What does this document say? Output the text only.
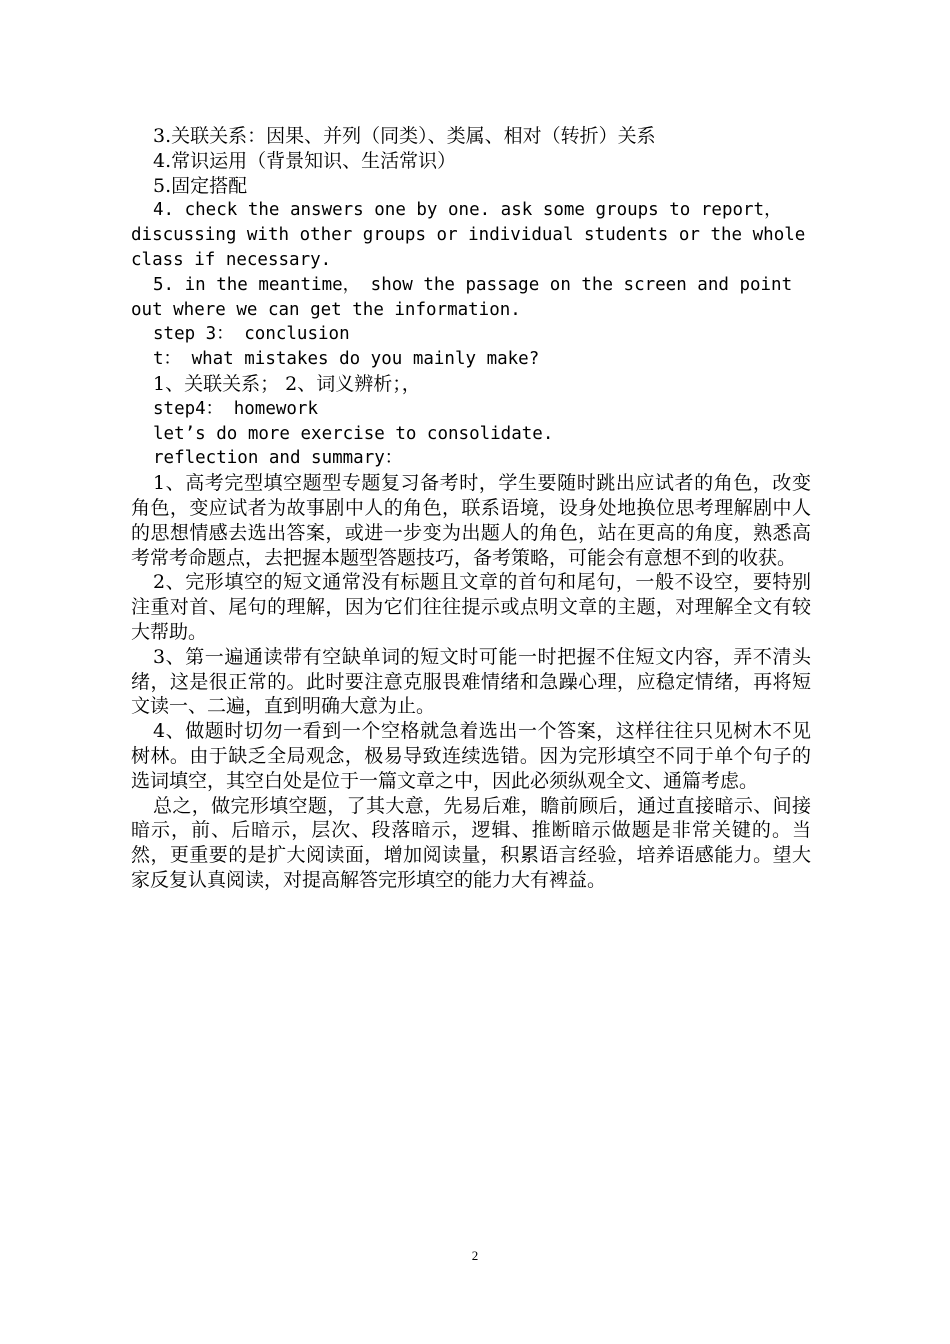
3.关联关系：因果、并列（同类）、类属、相对（转折）关系

4.常识运用（背景知识、生活常识）

5.固定搭配

4. check the answers one by one. ask some groups to report， discussing with other groups or individual students or the whole class if necessary.

5. in the meantime， show the passage on the screen and point out where we can get the information.

step 3： conclusion

t： what mistakes do you mainly make?

1、关联关系； 2、词义辨析；，

step4： homework

let’s do more exercise to consolidate.

reflection and summary：

1、高考完型填空题型专题复习备考时，学生要随时跳出应试者的角色，改变角色，变应试者为故事剧中人的角色，联系语境，设身处地换位思考理解剧中人的思想情感去选出答案，或进一步变为出题人的角色，站在更高的角度，熟悉高考常考命题点，去把握本题型答题技巧，备考策略，可能会有意想不到的收获。

2、完形填空的短文通常没有标题且文章的首句和尾句，一般不设空，要特别注重对首、尾句的理解，因为它们往往提示或点明文章的主题，对理解全文有较大帮助。

3、第一遍通读带有空缺单词的短文时可能一时把握不住短文内容，弄不清头绪，这是很正常的。此时要注意克服畏难情绪和急躁心理，应稳定情绪，再将短文读一、二遍，直到明确大意为止。

4、做题时切勿一看到一个空格就急着选出一个答案，这样往往只见树木不见树林。由于缺乏全局观念，极易导致连续选错。因为完形填空不同于单个句子的选词填空，其空白处是位于一篇文章之中，因此必须纵观全文、通篇考虑。

总之，做完形填空题，了其大意，先易后难，瞻前顾后，通过直接暗示、间接暗示，前、后暗示，层次、段落暗示，逻辑、推断暗示做题是非常关键的。当然，更重要的是扩大阅读面，增加阅读量，积累语言经验，培养语感能力。望大家反复认真阅读，对提高解答完形填空的能力大有裨益。

2
